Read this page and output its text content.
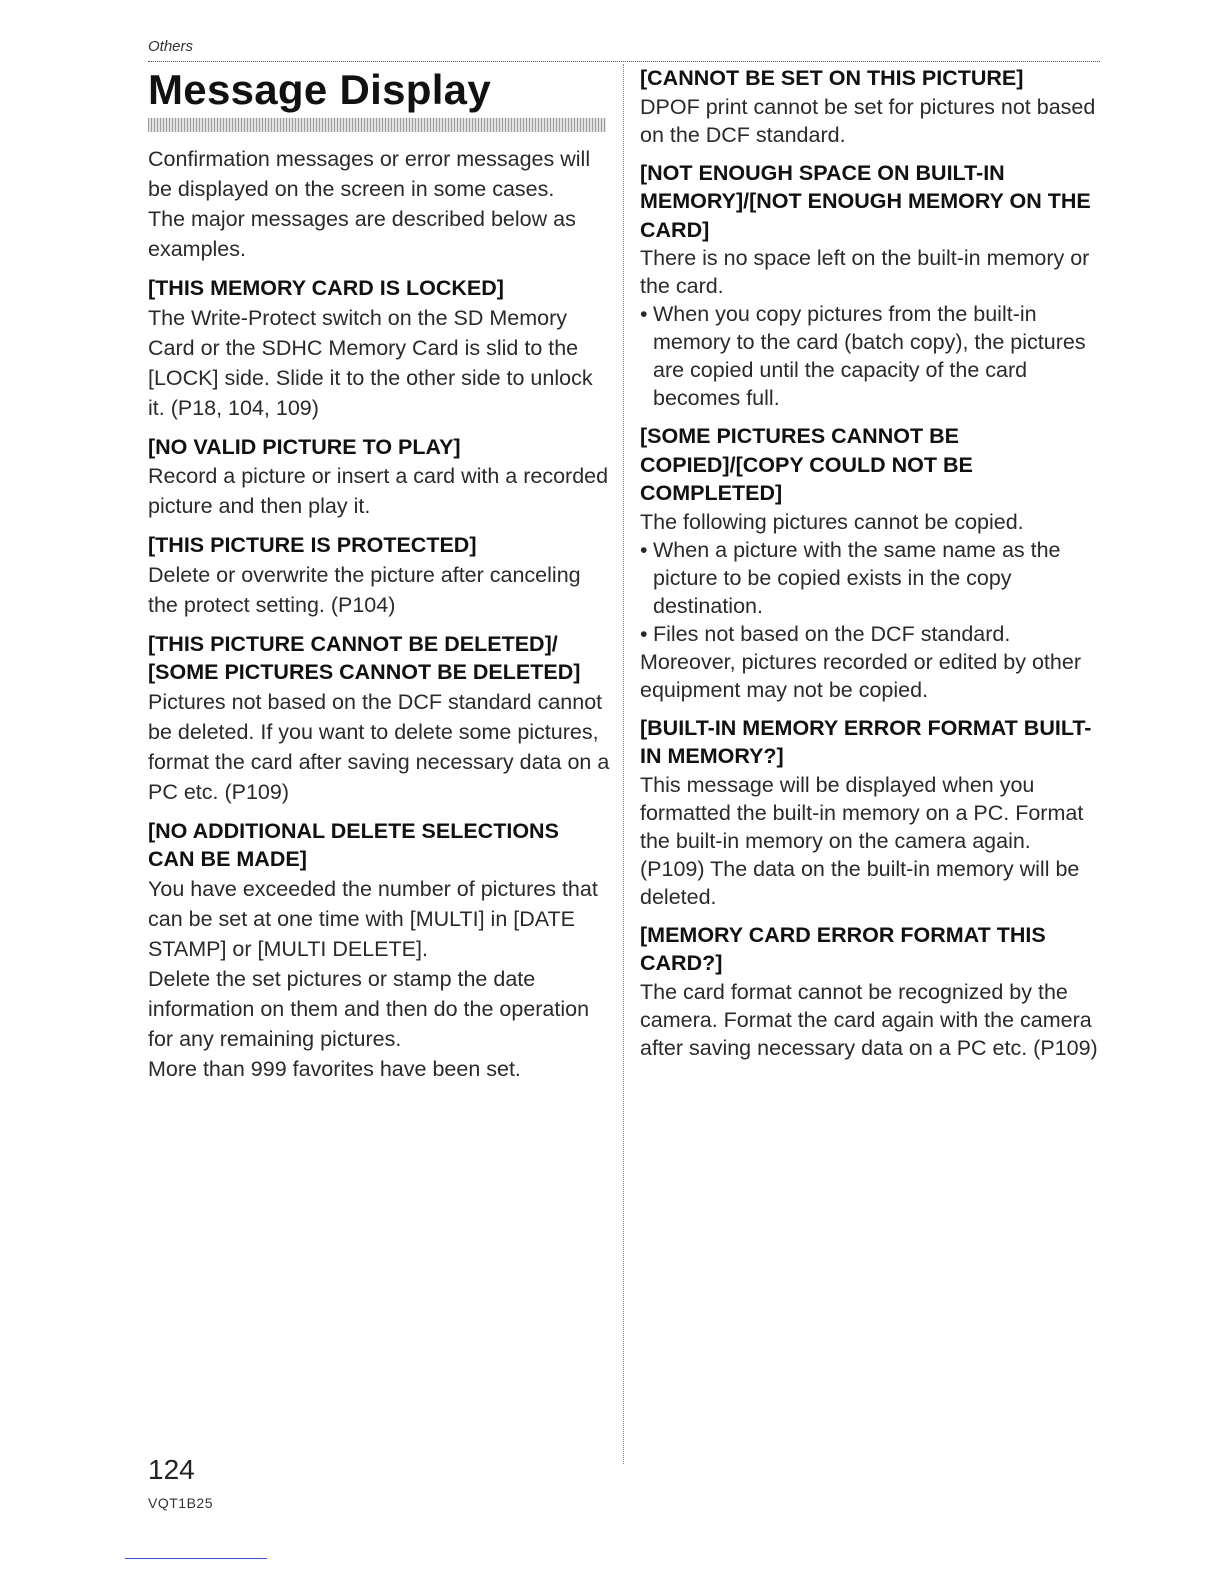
Others
Message Display

Confirmation messages or error messages will be displayed on the screen in some cases.

The major messages are described below as examples.

[THIS MEMORY CARD IS LOCKED]

The Write-Protect switch on the SD Memory Card or the SDHC Memory Card is slid to the [LOCK] side. Slide it to the other side to unlock it. (P18, 104, 109)

[NO VALID PICTURE TO PLAY]

Record a picture or insert a card with a recorded picture and then play it.

[THIS PICTURE IS PROTECTED]

Delete or overwrite the picture after canceling the protect setting. (P104)

[THIS PICTURE CANNOT BE DELETED]/ [SOME PICTURES CANNOT BE DELETED]

Pictures not based on the DCF standard cannot be deleted. If you want to delete some pictures, format the card after saving necessary data on a PC etc. (P109)

[NO ADDITIONAL DELETE SELECTIONS CAN BE MADE]

You have exceeded the number of pictures that can be set at one time with [MULTI] in [DATE STAMP] or [MULTI DELETE].

Delete the set pictures or stamp the date information on them and then do the operation for any remaining pictures.

More than 999 favorites have been set.

[CANNOT BE SET ON THIS PICTURE]

DPOF print cannot be set for pictures not based on the DCF standard.

[NOT ENOUGH SPACE ON BUILT-IN MEMORY]/[NOT ENOUGH MEMORY ON THE CARD]

There is no space left on the built-in memory or the card.

• When you copy pictures from the built-in memory to the card (batch copy), the pictures are copied until the capacity of the card becomes full.

[SOME PICTURES CANNOT BE COPIED]/[COPY COULD NOT BE COMPLETED]

The following pictures cannot be copied.

• When a picture with the same name as the picture to be copied exists in the copy destination.

• Files not based on the DCF standard.

Moreover, pictures recorded or edited by other equipment may not be copied.

[BUILT-IN MEMORY ERROR FORMAT BUILT-IN MEMORY?]

This message will be displayed when you formatted the built-in memory on a PC. Format the built-in memory on the camera again. (P109) The data on the built-in memory will be deleted.

[MEMORY CARD ERROR FORMAT THIS CARD?]

The card format cannot be recognized by the camera. Format the card again with the camera after saving necessary data on a PC etc. (P109)

124
VQT1B25
